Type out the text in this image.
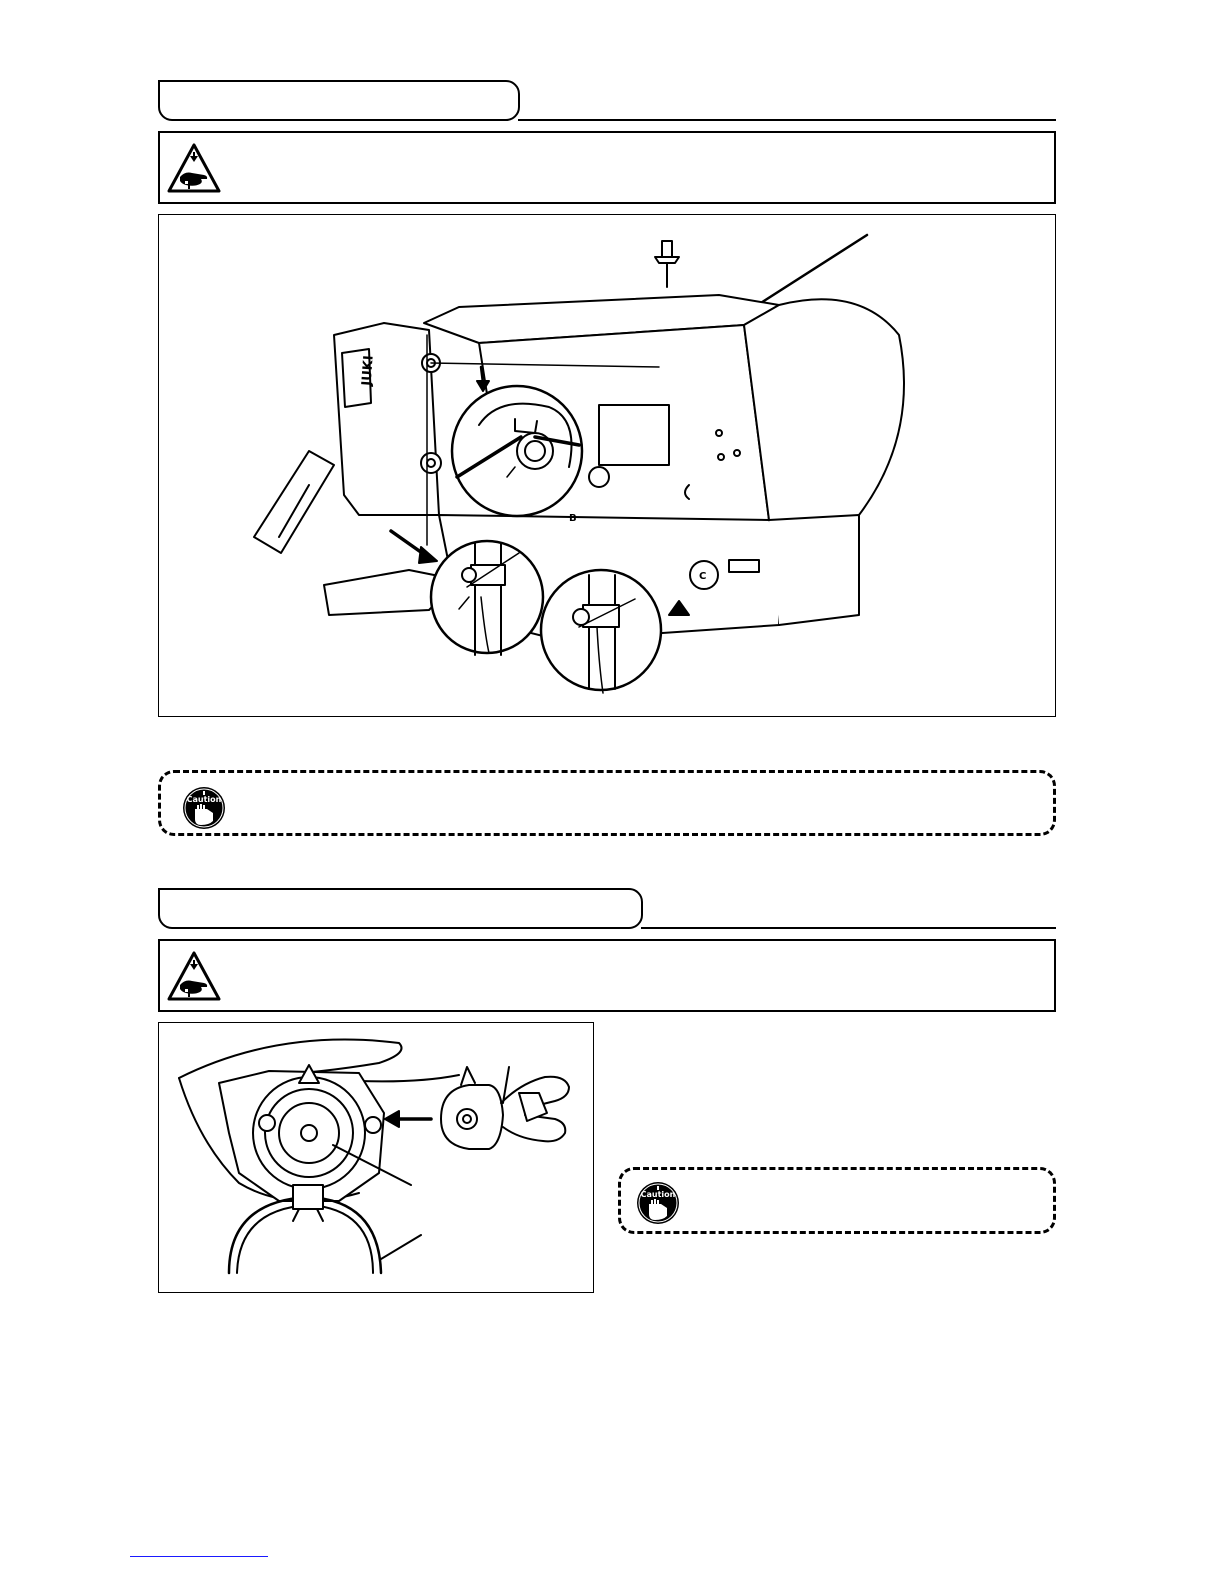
JUKI
B
C
Caution
Caution
